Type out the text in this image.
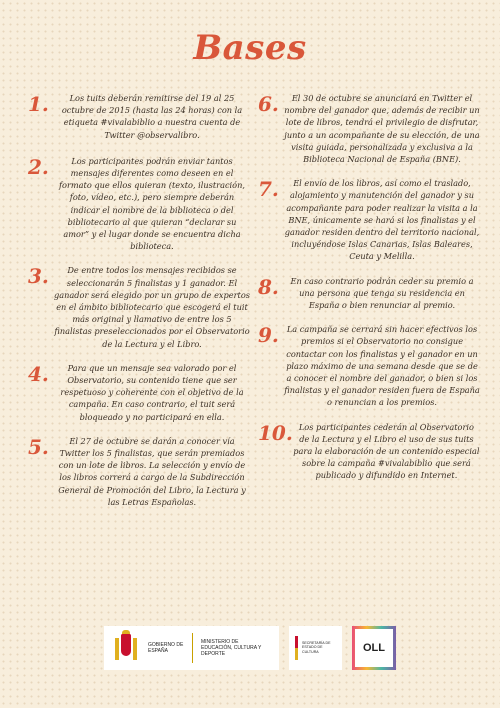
Bases
1.	Los tuits deberán remitirse del 19 al 25 octubre de 2015 (hasta las 24 horas) con la etiqueta #vivalabiblio a nuestra cuenta de Twitter @observalibro.
2.	Los participantes podrán enviar tantos mensajes diferentes como deseen en el formato que ellos quieran (texto, ilustración, foto, vídeo, etc.), pero siempre deberán indicar el nombre de la biblioteca o del bibliotecario al que quieran “declarar su amor” y el lugar donde se encuentra dicha biblioteca.
3.	De entre todos los mensajes recibidos se seleccionarán 5 finalistas y 1 ganador. El ganador será elegido por un grupo de expertos en el ámbito bibliotecario que escogerá el tuit más original y llamativo de entre los 5 finalistas preseleccionados por el Observatorio de la Lectura y el Libro.
4.	Para que un mensaje sea valorado por el Observatorio, su contenido tiene que ser respetuoso y coherente con el objetivo de la campaña. En caso contrario, el tuit será bloqueado y no participará en ella.
5.	El 27 de octubre se darán a conocer vía Twitter los 5 finalistas, que serán premiados con un lote de libros. La selección y envío de los libros correrá a cargo de la Subdirección General de Promoción del Libro, la Lectura y las Letras Españolas.
6.	El 30 de octubre se anunciará en Twitter el nombre del ganador que, además de recibir un lote de libros, tendrá el privilegio de disfrutar, junto a un acompañante de su elección, de una visita guiada, personalizada y exclusiva a la Biblioteca Nacional de España (BNE).
7.	El envío de los libros, así como el traslado, alojamiento y manutención del ganador y su acompañante para poder realizar la visita a la BNE, únicamente se hará si los finalistas y el ganador residen dentro del territorio nacional, incluyéndose Islas Canarias, Islas Baleares, Ceuta y Melilla.
8.	En caso contrario podrán ceder su premio a una persona que tenga su residencia en España o bien renunciar al premio.
9. La campaña se cerrará sin hacer efectivos los premios si el Observatorio no consigue contactar con los finalistas y el ganador en un plazo máximo de una semana desde que se de a conocer el nombre del ganador, o bien si los finalistas y el ganador residen fuera de España o renuncian a los premios.
10. Los participantes cederán al Observatorio de la Lectura y el Libro el uso de sus tuits para la elaboración de un contenido especial sobre la campaña #vivalabiblio que será publicado y difundido en Internet.
GOBIERNO DE ESPAÑA
MINISTERIO DE EDUCACIÓN, CULTURA Y DEPORTE
SECRETARÍA DE ESTADO DE CULTURA	OLL
